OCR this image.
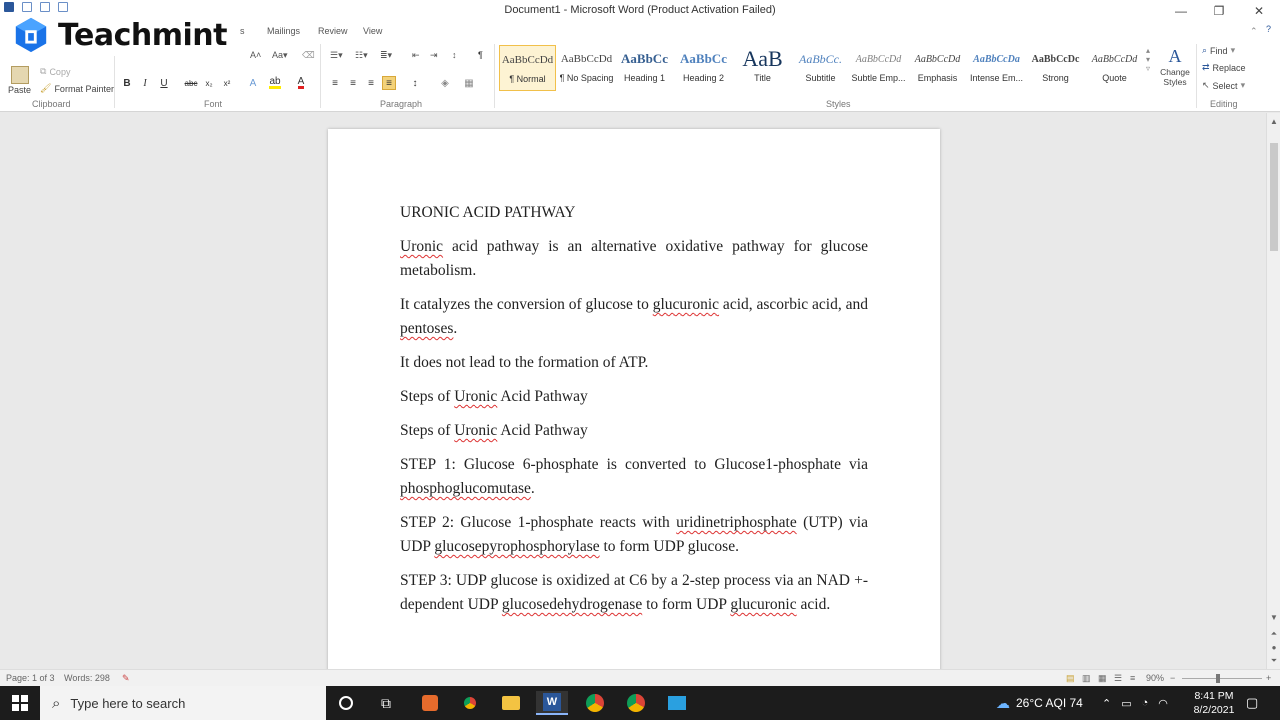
Document1 - Microsoft Word (Product Activation Failed)	—	❐	✕
s	Mailings Review View	⌃ ?
Paste
⧉ Copy
🖌 Format Painter
Clipboard
A˄ Aa▾ ⌫
B	I	U	abc x₂	x²	A	ab A
Font
☰▾ ☷▾ ≣▾ ⇤ ⇥ ↕ ¶
≡	≡	≡	≡	↕	◈	▦
Paragraph
AaBbCcDd
¶ Normal
AaBbCcDd
¶ No Spacing
AaBbCc
Heading 1
AaBbCc
Heading 2
AaB
Title
AaBbCc.
Subtitle
AaBbCcDd
Subtle Emp...
AaBbCcDd
Emphasis
AaBbCcDa
Intense Em...
AaBbCcDc
Strong
AaBbCcDd
Quote
▴
▾
▿
A
Change Styles
Styles
⌕ Find ▾
⇄ Replace
↖ Select ▾
Editing
Teachmint

URONIC ACID PATHWAY

Uronic acid pathway is an alternative oxidative pathway for glucose metabolism.

It catalyzes the conversion of glucose to glucuronic acid, ascorbic acid, and pentoses.

It does not lead to the formation of ATP.

Steps of Uronic Acid Pathway

Steps of Uronic Acid Pathway

STEP 1: Glucose 6-phosphate is converted to Glucose1-phosphate via phosphoglucomutase.

STEP 2: Glucose 1-phosphate reacts with uridinetriphosphate (UTP) via UDP glucosepyrophosphorylase to form UDP glucose.

STEP 3: UDP glucose is oxidized at C6 by a 2-step process via an NAD +-dependent UDP glucosedehydrogenase to form UDP glucuronic acid.

▲
▼
⏶
●
⏷
Page: 1 of 3 Words: 298 ✎	▤ ▥ ▦ ☰ ≡ 90% −	+
⌕ Type here to search	⧉	W	☁ 26°C AQI 74 ⌃ ▭ ◔ ◠
8:41 PM
8/2/2021 ▢
